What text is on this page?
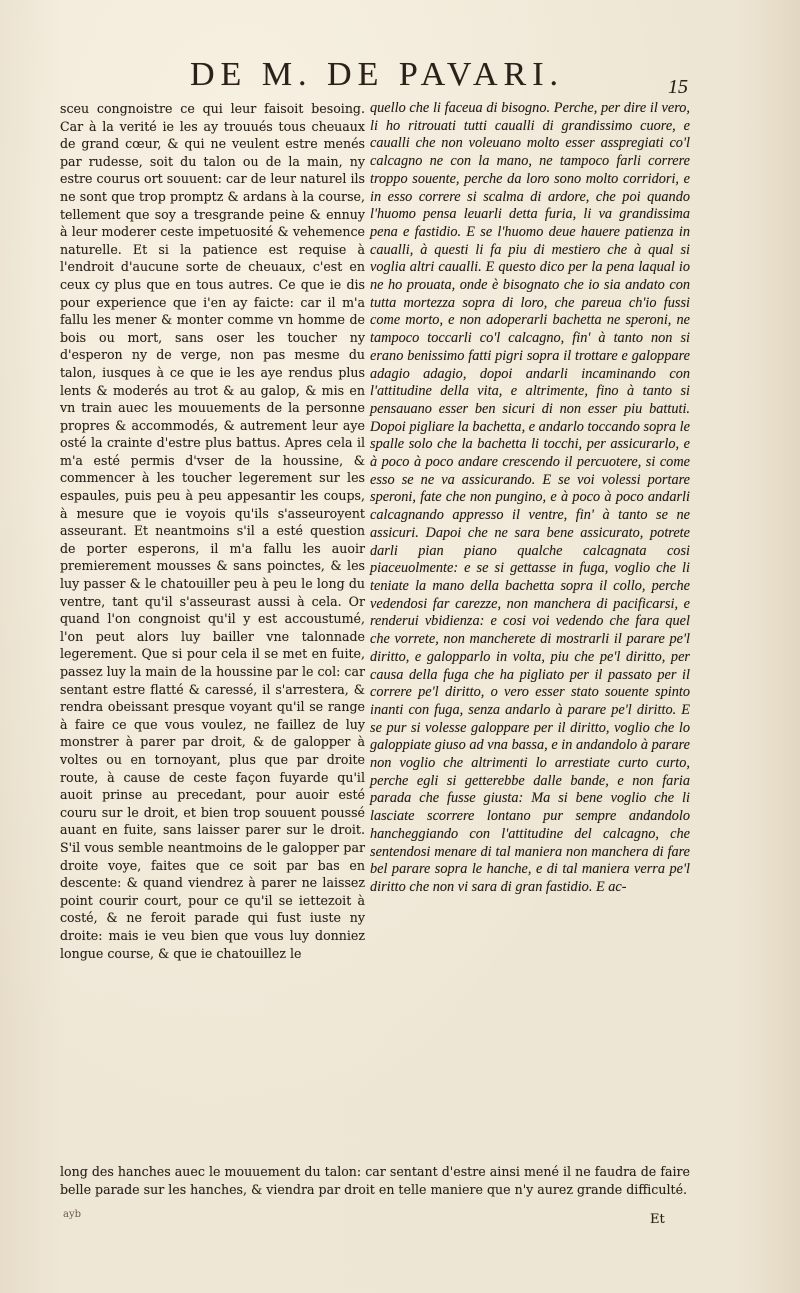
DE M. DE PAVARI.	15
sceu congnoistre ce qui leur faisoit besoing. Car à la verité ie les ay trouués tous cheuaux de grand cœur, & qui ne veulent estre menés par rudesse, soit du talon ou de la main, ny estre courus ort souuent: car de leur naturel ils ne sont que trop promptz & ardans à la course, tellement que soy a tresgrande peine & ennuy à leur moderer ceste impetuosité & vehemence naturelle. Et si la patience est requise à l'endroit d'aucune sorte de cheuaux, c'est en ceux cy plus que en tous autres. Ce que ie dis pour experience que i'en ay faicte: car il m'a fallu les mener & monter comme vn homme de bois ou mort, sans oser les toucher ny d'esperon ny de verge, non pas mesme du talon, iusques à ce que ie les aye rendus plus lents & moderés au trot & au galop, & mis en vn train auec les mouuements de la personne propres & accommodés, & autrement leur aye osté la crainte d'estre plus battus. Apres cela il m'a esté permis d'vser de la houssine, & commencer à les toucher legerement sur les espaules, puis peu à peu appesantir les coups, à mesure que ie voyois qu'ils s'asseuroyent asseurant. Et neantmoins s'il a esté question de porter esperons, il m'a fallu les auoir premierement mousses & sans poinctes, & les luy passer & le chatouiller peu à peu le long du ventre, tant qu'il s'asseurast aussi à cela. Or quand l'on congnoist qu'il y est accoustumé, l'on peut alors luy bailler vne talonnade legerement. Que si pour cela il se met en fuite, passez luy la main de la houssine par le col: car sentant estre flatté & caressé, il s'arrestera, & rendra obeissant presque voyant qu'il se range à faire ce que vous voulez, ne faillez de luy monstrer à parer par droit, & de galopper à voltes ou en tornoyant, plus que par droite route, à cause de ceste façon fuyarde qu'il auoit prinse au precedant, pour auoir esté couru sur le droit, et bien trop souuent poussé auant en fuite, sans laisser parer sur le droit. S'il vous semble neantmoins de le galopper par droite voye, faites que ce soit par bas en descente: & quand viendrez à parer ne laissez point courir court, pour ce qu'il se iettezoit à costé, & ne feroit parade qui fust iuste ny droite: mais ie veu bien que vous luy donniez longue course, & que ie chatouillez le
quello che li faceua di bisogno. Perche, per dire il vero, li ho ritrouati tutti caualli di grandissimo cuore, e caualli che non voleuano molto esser asspregiati co'l calcagno ne con la mano, ne tampoco farli correre troppo souente, perche da loro sono molto corridori, e in esso correre si scalma di ardore, che poi quando l'huomo pensa leuarli detta furia, li va grandissima pena e fastidio. E se l'huomo deue hauere patienza in caualli, à questi li fa piu di mestiero che à qual si voglia altri caualli. E questo dico per la pena laqual io ne ho prouata, onde è bisognato che io sia andato con tutta mortezza sopra di loro, che pareua ch'io fussi come morto, e non adoperarli bachetta ne speroni, ne tampoco toccarli co'l calcagno, fin' à tanto non si erano benissimo fatti pigri sopra il trottare e galoppare adagio adagio, dopoi andarli incaminando con l'attitudine della vita, e altrimente, fino à tanto si pensauano esser ben sicuri di non esser piu battuti. Dopoi pigliare la bachetta, e andarlo toccando sopra le spalle solo che la bachetta li tocchi, per assicurarlo, e à poco à poco andare crescendo il percuotere, si come esso se ne va assicurando. E se voi volessi portare speroni, fate che non pungino, e à poco à poco andarli calcagnando appresso il ventre, fin' à tanto se ne assicuri. Dapoi che ne sara bene assicurato, potrete darli pian piano qualche calcagnata cosi piaceuolmente: e se si gettasse in fuga, voglio che li teniate la mano della bachetta sopra il collo, perche vedendosi far carezze, non manchera di pacificarsi, e renderui vbidienza: e cosi voi vedendo che fara quel che vorrete, non mancherete di mostrarli il parare pe'l diritto, e galopparlo in volta, piu che pe'l diritto, per causa della fuga che ha pigliato per il passato per il correre pe'l diritto, o vero esser stato souente spinto inanti con fuga, senza andarlo à parare pe'l diritto. E se pur si volesse galoppare per il diritto, voglio che lo galoppiate giuso ad vna bassa, e in andandolo à parare non voglio che altrimenti lo arrestiate curto curto, perche egli si getterebbe dalle bande, e non faria parada che fusse giusta: Ma si bene voglio che li lasciate scorrere lontano pur sempre andandolo hancheggiando con l'attitudine del calcagno, che sentendosi menare di tal maniera non manchera di fare bel parare sopra le hanche, e di tal maniera verra pe'l diritto che non vi sara di gran fastidio. E ac-
long des hanches auec le mouuement du talon: car sentant d'estre ainsi mené il ne faudra de faire belle parade sur les hanches, & viendra par droit en telle maniere que n'y aurez grande difficulté.
ayb	Et
